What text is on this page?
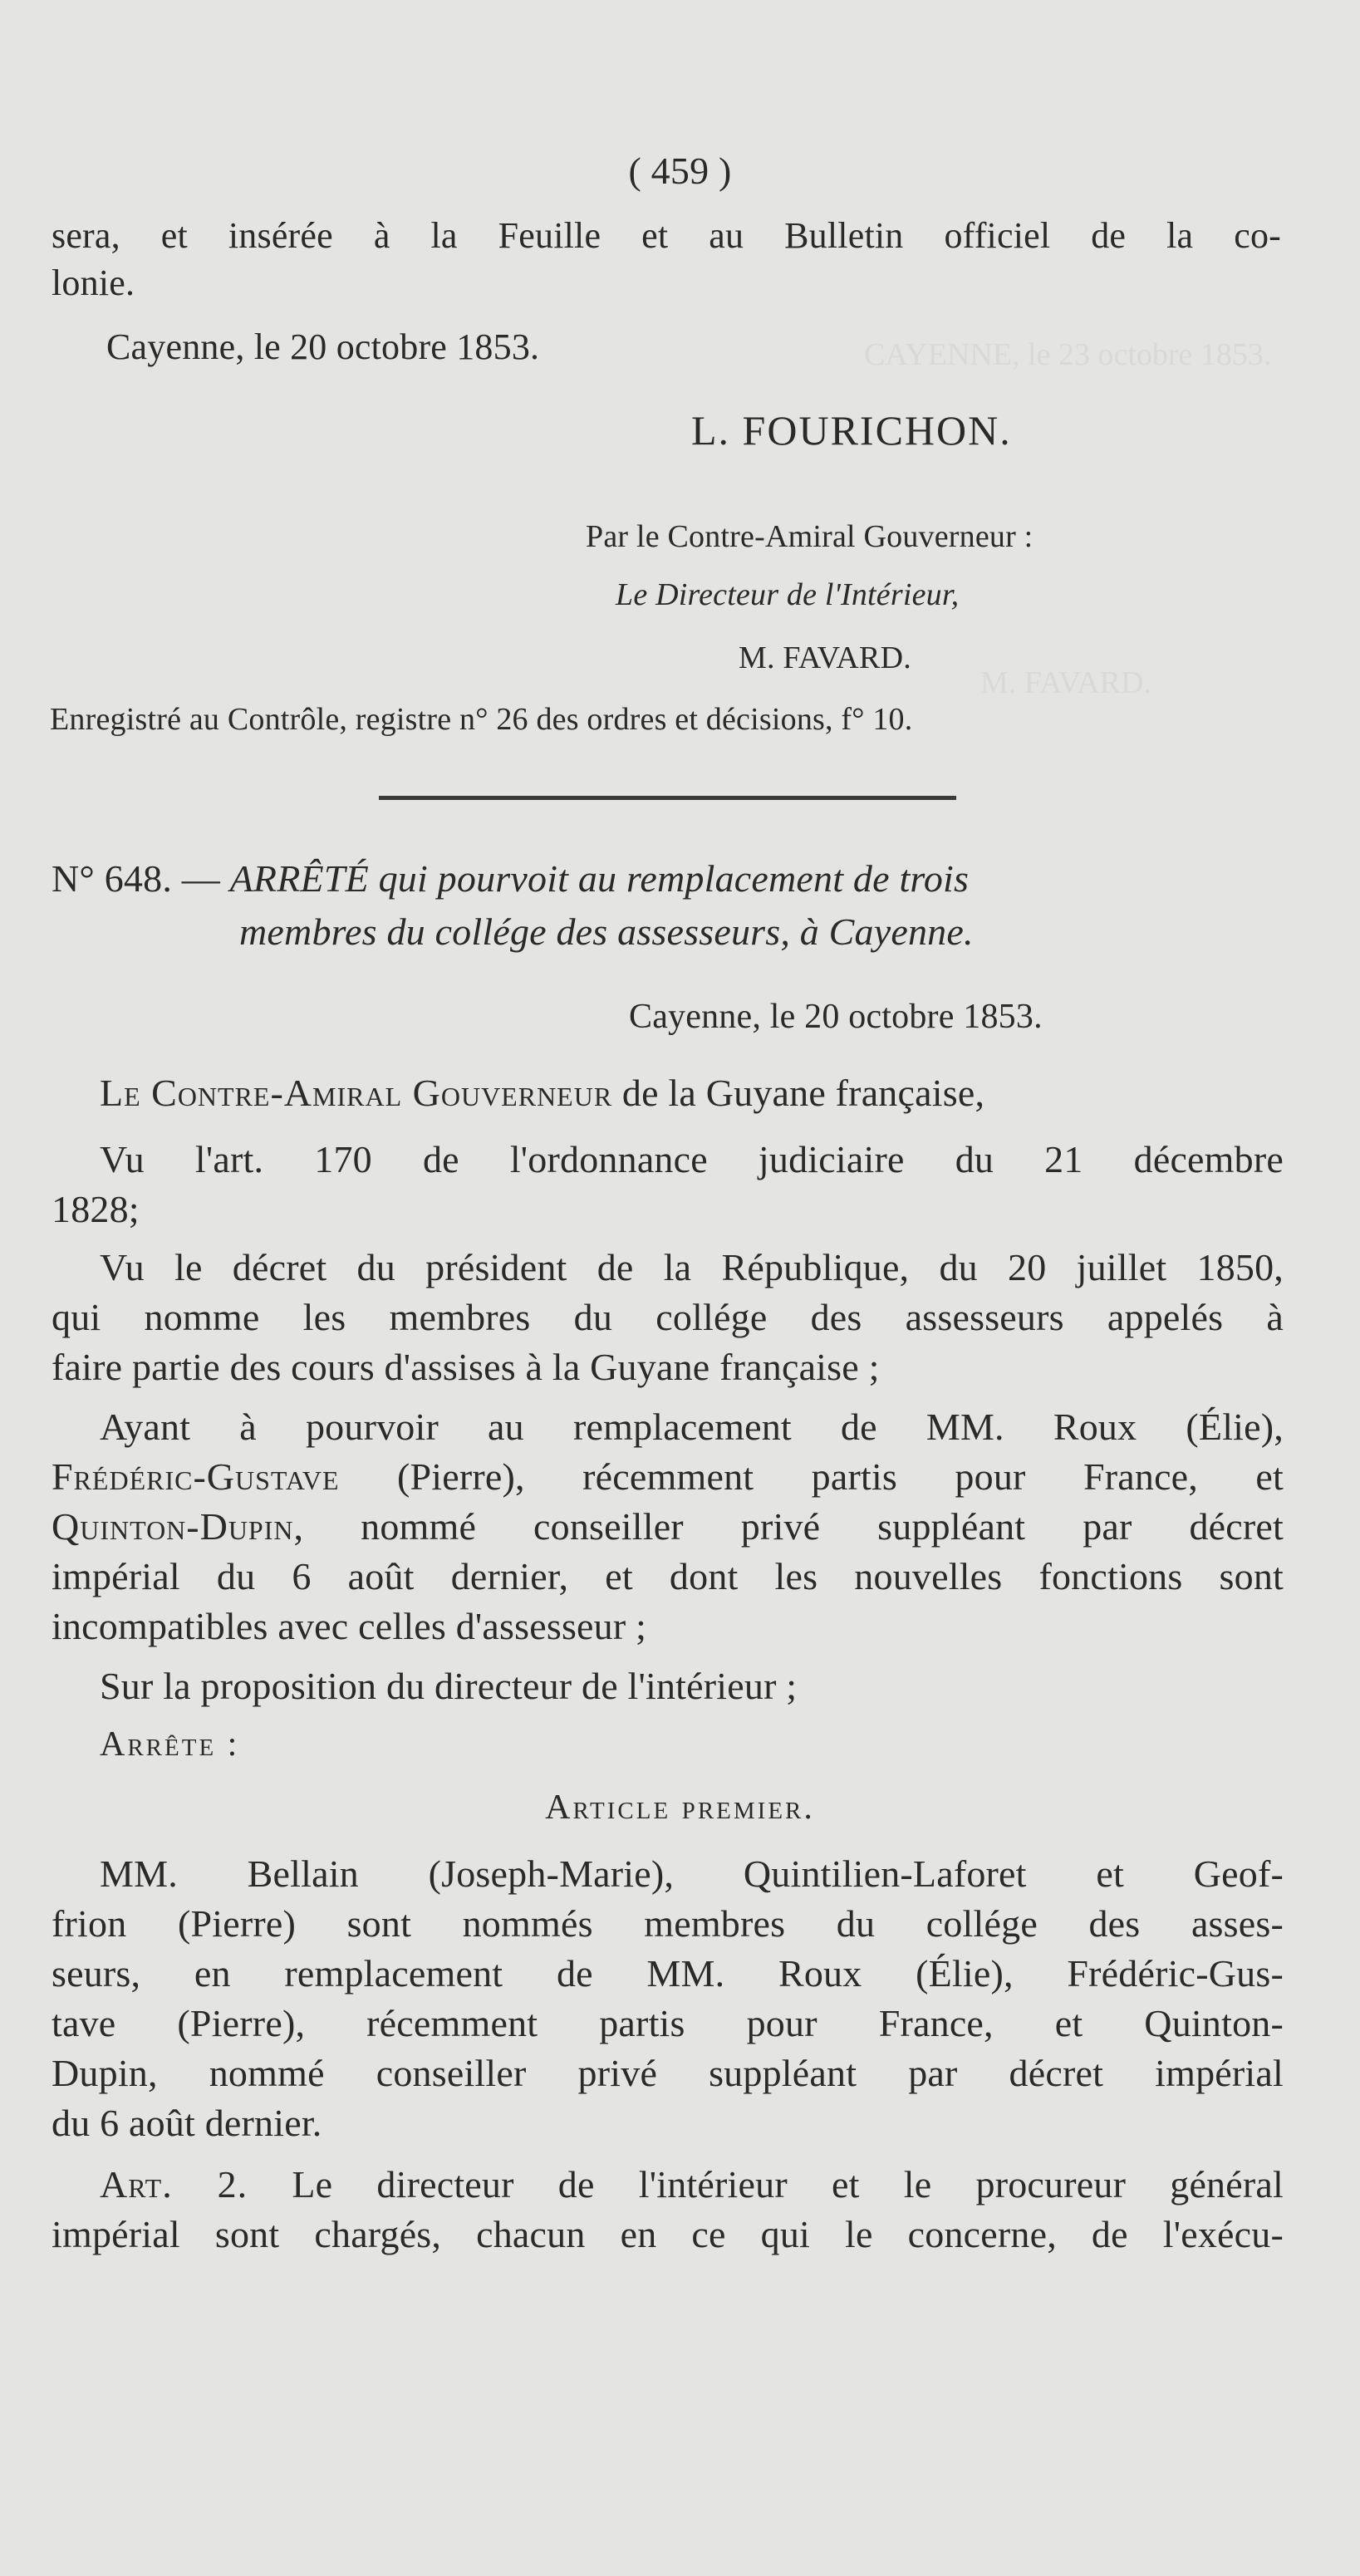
CAYENNE, le 23 octobre 1853.
M. FAVARD.
( 459 )
sera, et insérée à la Feuille et au Bulletin officiel de la co-
lonie.
Cayenne, le 20 octobre 1853.
L. FOURICHON.
Par le Contre-Amiral Gouverneur :
Le Directeur de l'Intérieur,
M. FAVARD.
Enregistré au Contrôle, registre n° 26 des ordres et décisions, f° 10.
N° 648. — ARRÊTÉ qui pourvoit au remplacement de trois
membres du collége des assesseurs, à Cayenne.
Cayenne, le 20 octobre 1853.
Le Contre-Amiral Gouverneur de la Guyane française,
Vu l'art. 170 de l'ordonnance judiciaire du 21 décembre
1828;
Vu le décret du président de la République, du 20 juillet 1850,
qui nomme les membres du collége des assesseurs appelés à
faire partie des cours d'assises à la Guyane française ;
Ayant à pourvoir au remplacement de MM. Roux (Élie),
Frédéric-Gustave (Pierre), récemment partis pour France, et
Quinton-Dupin, nommé conseiller privé suppléant par décret
impérial du 6 août dernier, et dont les nouvelles fonctions sont
incompatibles avec celles d'assesseur ;
Sur la proposition du directeur de l'intérieur ;
Arrête :
Article premier.
MM. Bellain (Joseph-Marie), Quintilien-Laforet et Geof-
frion (Pierre) sont nommés membres du collége des asses-
seurs, en remplacement de MM. Roux (Élie), Frédéric-Gus-
tave (Pierre), récemment partis pour France, et Quinton-
Dupin, nommé conseiller privé suppléant par décret impérial
du 6 août dernier.
Art. 2. Le directeur de l'intérieur et le procureur général
impérial sont chargés, chacun en ce qui le concerne, de l'exécu-
